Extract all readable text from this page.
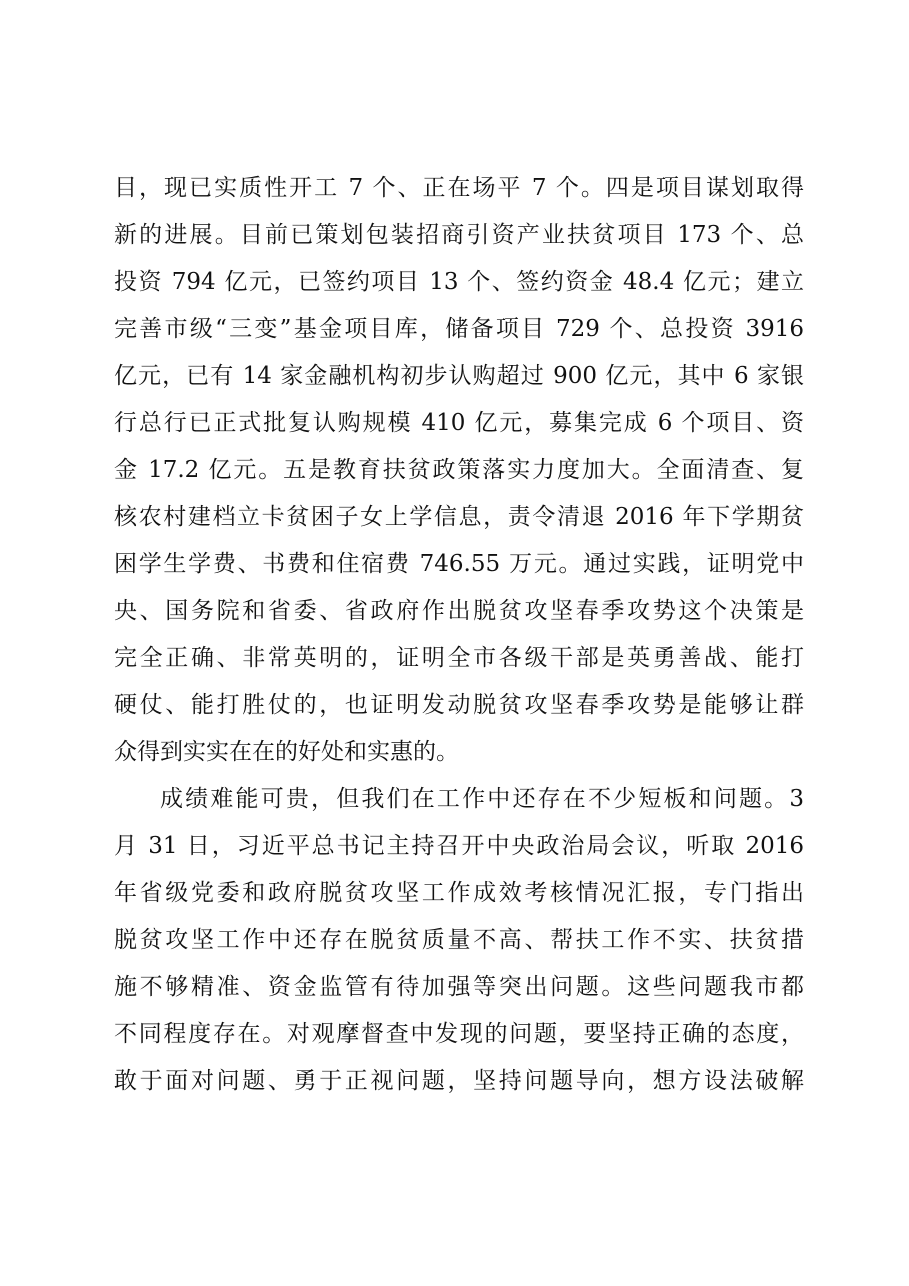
目，现已实质性开工 7 个、正在场平 7 个。四是项目谋划取得
新的进展。目前已策划包装招商引资产业扶贫项目 173 个、总
投资 794 亿元，已签约项目 13 个、签约资金 48.4 亿元；建立
完善市级“三变”基金项目库，储备项目 729 个、总投资 3916
亿元，已有 14 家金融机构初步认购超过 900 亿元，其中 6 家银
行总行已正式批复认购规模 410 亿元，募集完成 6 个项目、资
金 17.2 亿元。五是教育扶贫政策落实力度加大。全面清查、复
核农村建档立卡贫困子女上学信息，责令清退 2016 年下学期贫
困学生学费、书费和住宿费 746.55 万元。通过实践，证明党中
央、国务院和省委、省政府作出脱贫攻坚春季攻势这个决策是
完全正确、非常英明的，证明全市各级干部是英勇善战、能打
硬仗、能打胜仗的，也证明发动脱贫攻坚春季攻势是能够让群
众得到实实在在的好处和实惠的。
成绩难能可贵，但我们在工作中还存在不少短板和问题。3
月 31 日，习近平总书记主持召开中央政治局会议，听取 2016
年省级党委和政府脱贫攻坚工作成效考核情况汇报，专门指出
脱贫攻坚工作中还存在脱贫质量不高、帮扶工作不实、扶贫措
施不够精准、资金监管有待加强等突出问题。这些问题我市都
不同程度存在。对观摩督查中发现的问题，要坚持正确的态度，
敢于面对问题、勇于正视问题，坚持问题导向，想方设法破解
